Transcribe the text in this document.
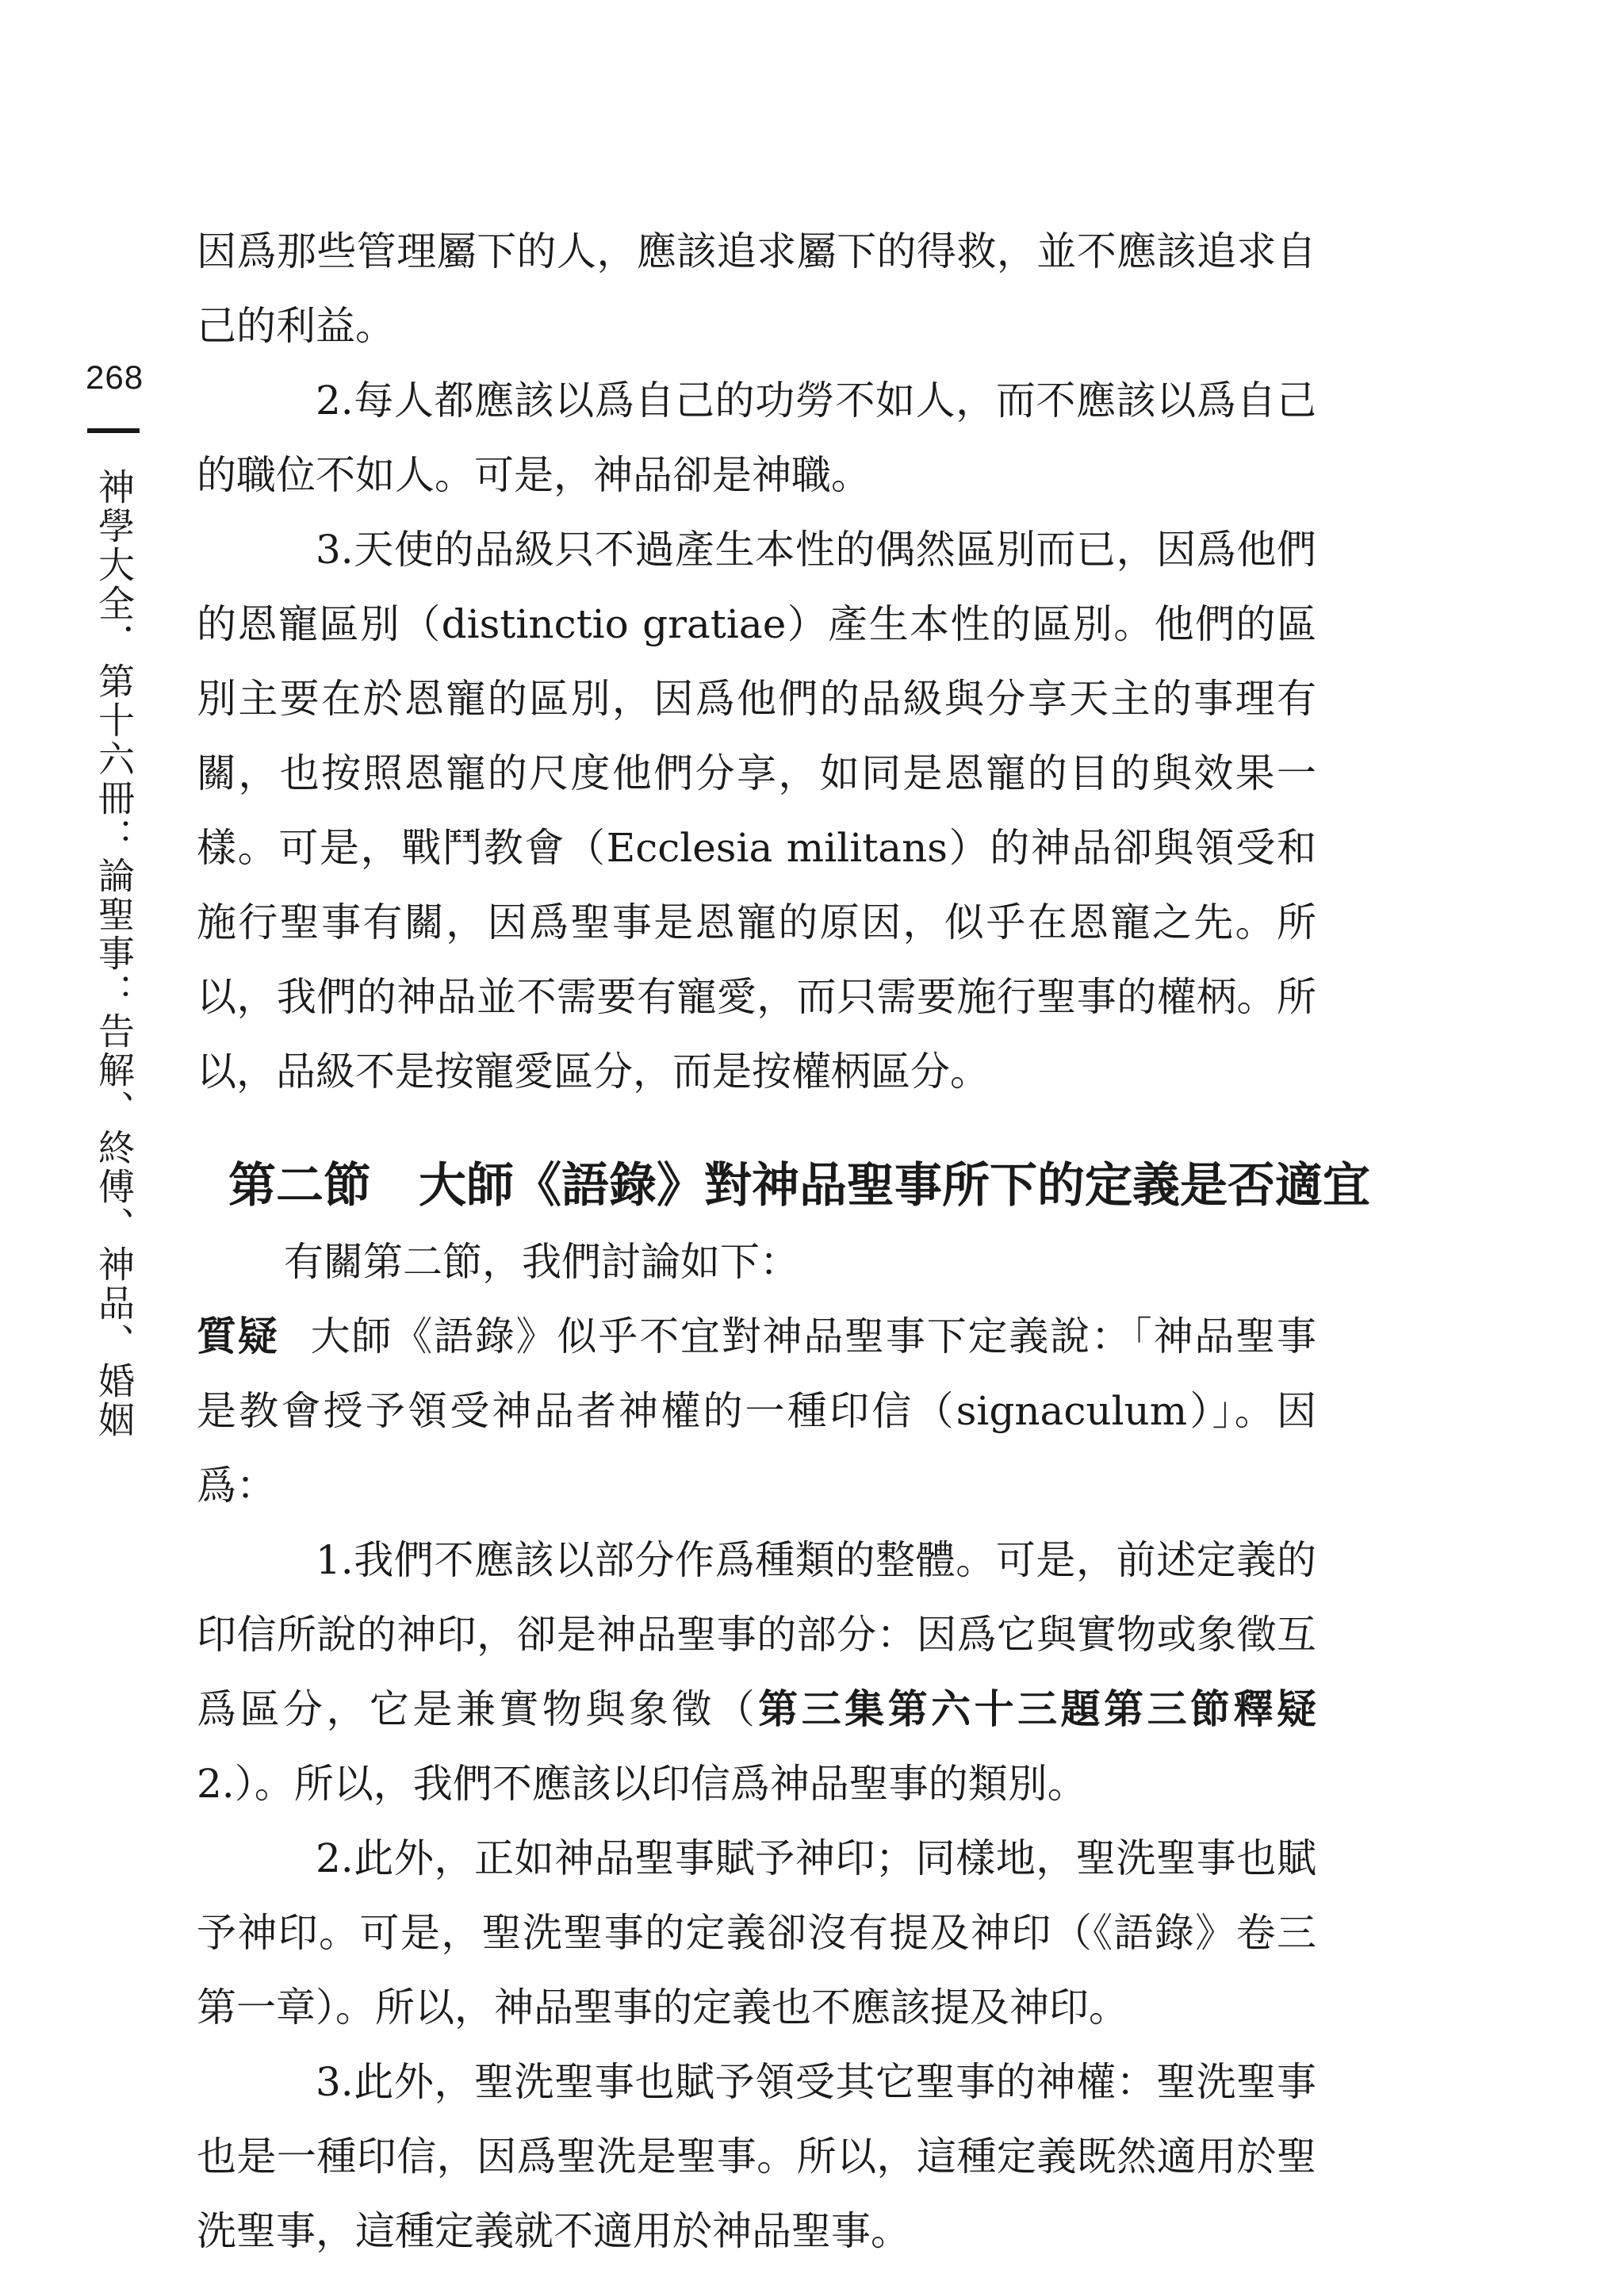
268
神學大全．第十六冊：論聖事：告解、終傅、神品、婚姻

因爲那些管理屬下的人，應該追求屬下的得救，並不應該追求自己的利益。

2.每人都應該以爲自己的功勞不如人，而不應該以爲自己的職位不如人。可是，神品卻是神職。

3.天使的品級只不過產生本性的偶然區別而已，因爲他們的恩寵區別（distinctio gratiae）產生本性的區別。他們的區別主要在於恩寵的區別，因爲他們的品級與分享天主的事理有關，也按照恩寵的尺度他們分享，如同是恩寵的目的與效果一樣。可是，戰鬥教會（Ecclesia militans）的神品卻與領受和施行聖事有關，因爲聖事是恩寵的原因，似乎在恩寵之先。所以，我們的神品並不需要有寵愛，而只需要施行聖事的權柄。所以，品級不是按寵愛區分，而是按權柄區分。

第二節　大師《語錄》對神品聖事所下的定義是否適宜

有關第二節，我們討論如下：

質疑 大師《語錄》似乎不宜對神品聖事下定義說：「神品聖事是教會授予領受神品者神權的一種印信（signaculum）」。因爲：

1.我們不應該以部分作爲種類的整體。可是，前述定義的印信所說的神印，卻是神品聖事的部分：因爲它與實物或象徵互爲區分，它是兼實物與象徵（第三集第六十三題第三節釋疑2.）。所以，我們不應該以印信爲神品聖事的類別。

2.此外，正如神品聖事賦予神印；同樣地，聖洗聖事也賦予神印。可是，聖洗聖事的定義卻沒有提及神印（《語錄》卷三第一章）。所以，神品聖事的定義也不應該提及神印。

3.此外，聖洗聖事也賦予領受其它聖事的神權：聖洗聖事也是一種印信，因爲聖洗是聖事。所以，這種定義既然適用於聖洗聖事，這種定義就不適用於神品聖事。
